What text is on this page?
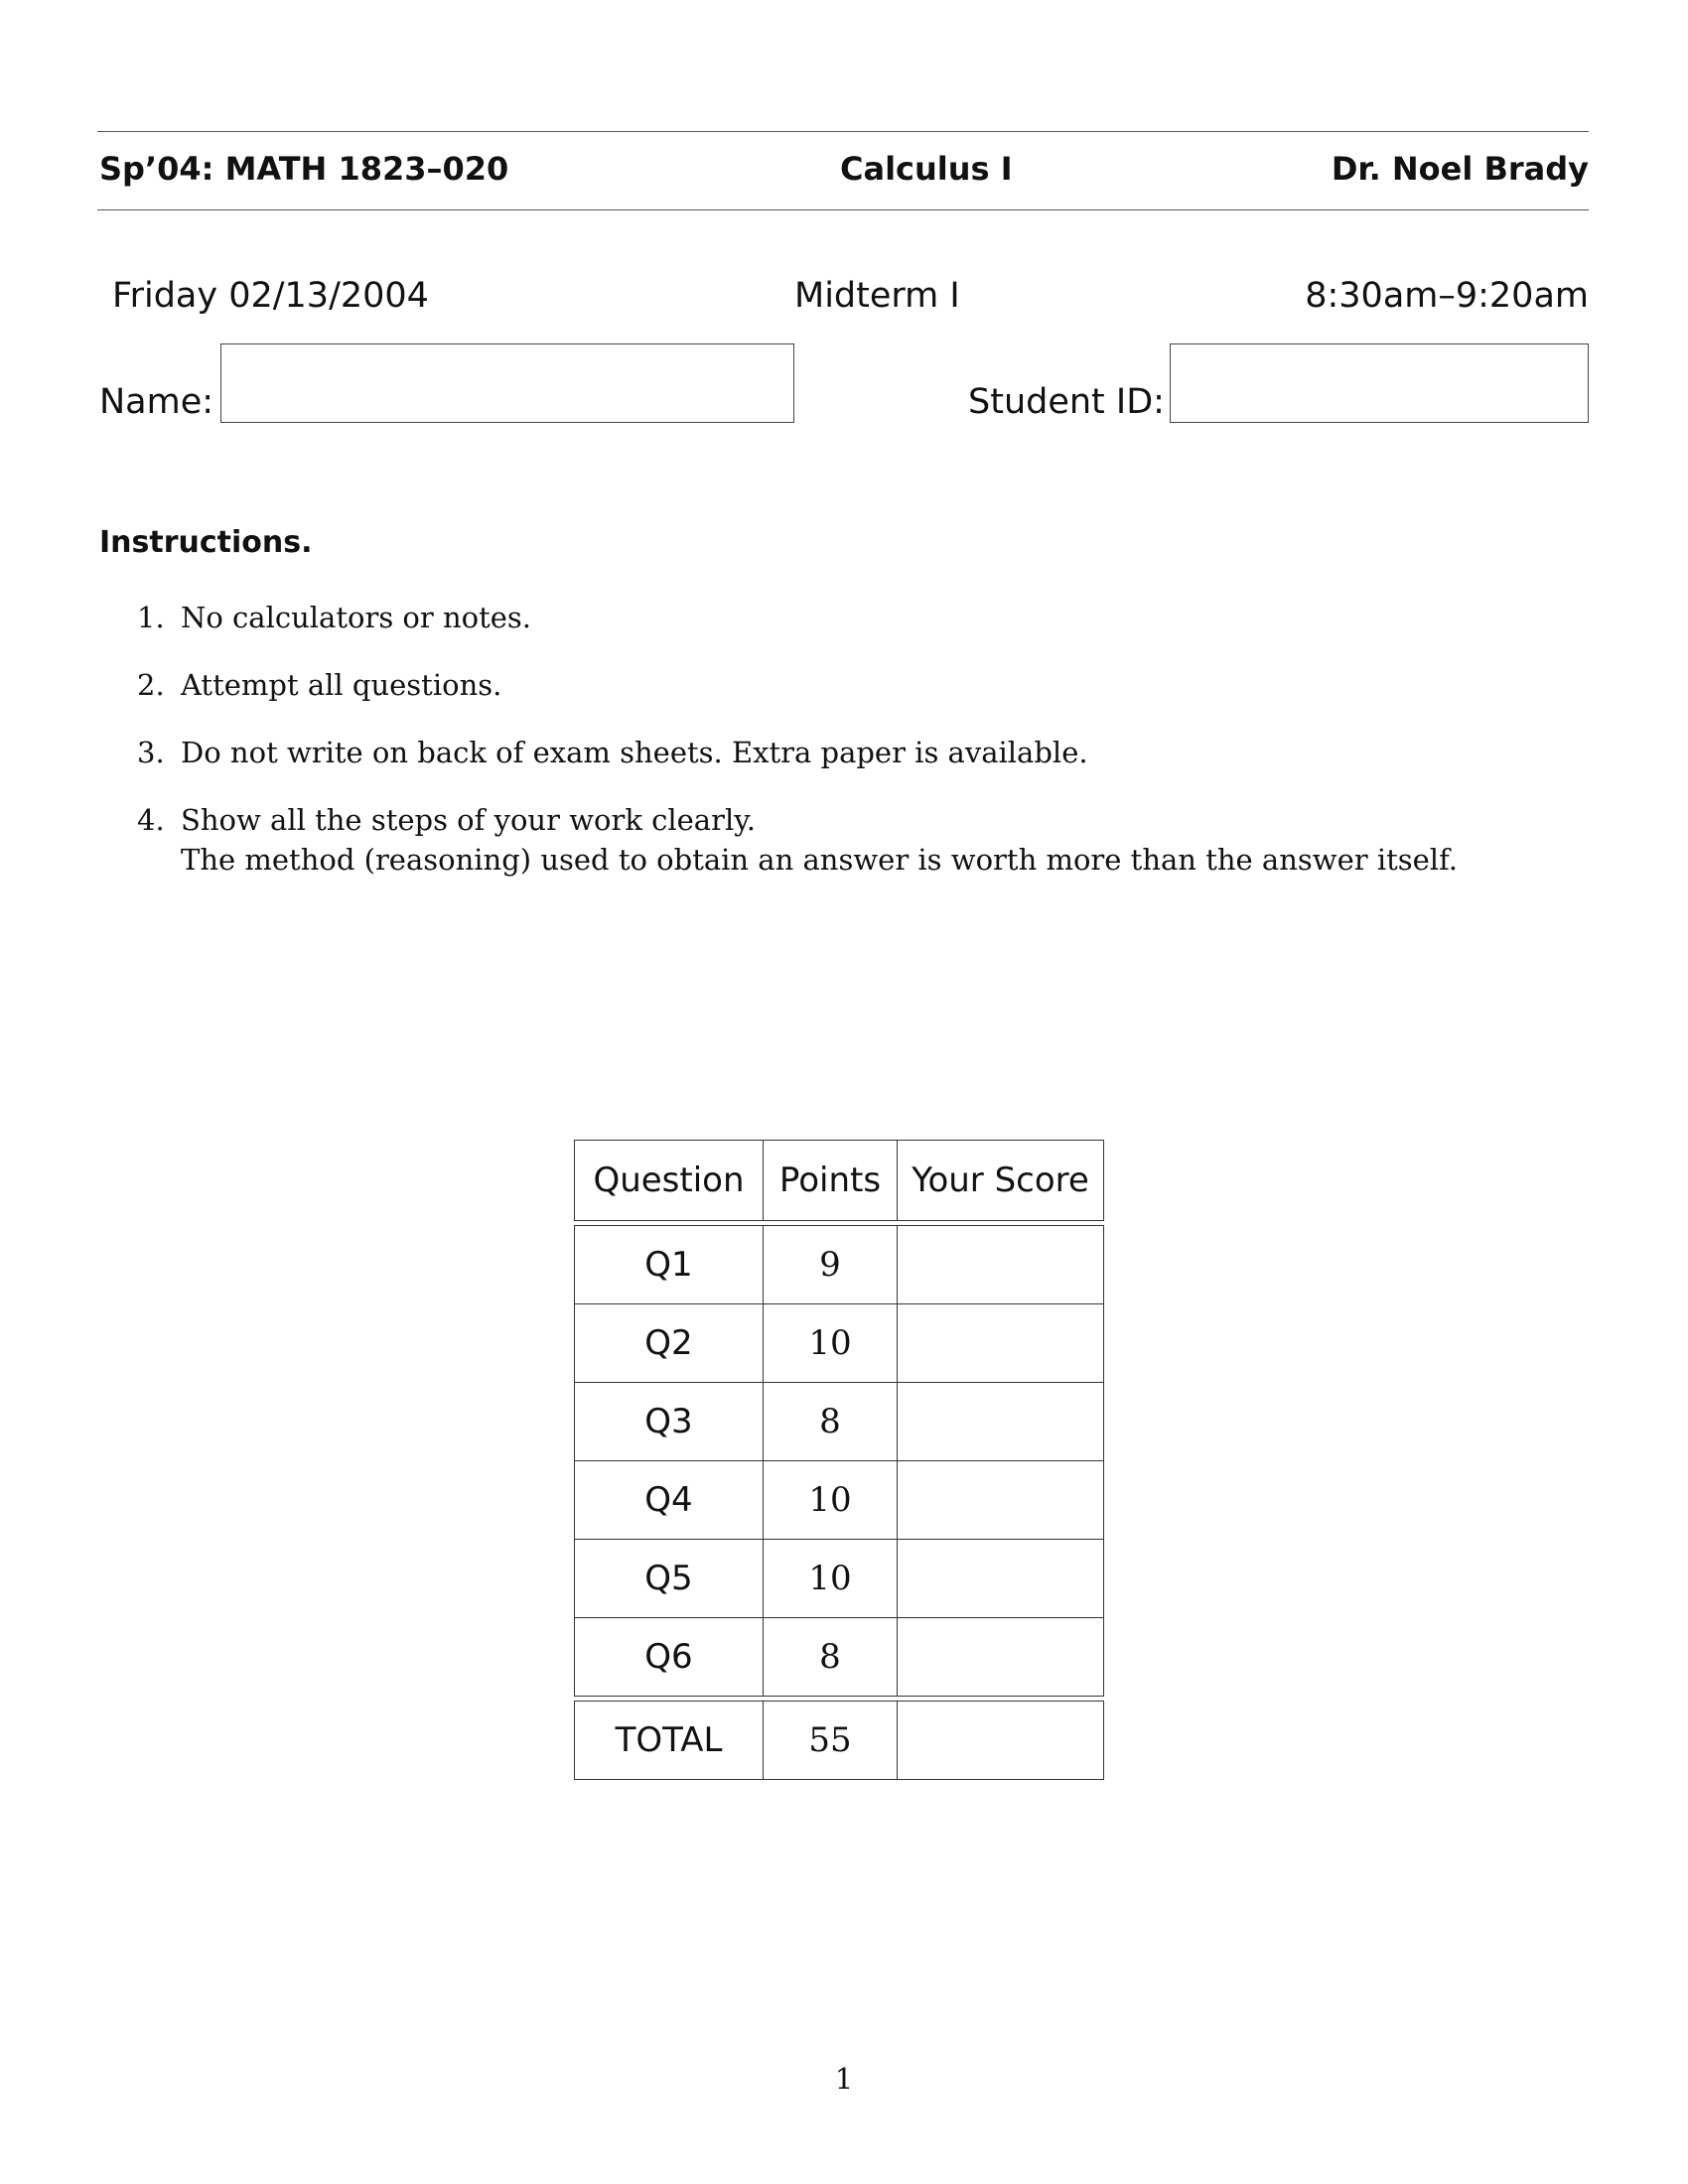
Sp’04: MATH 1823–020	Calculus I	Dr. Noel Brady
Friday 02/13/2004	Midterm I	8:30am–9:20am
Name:	Student ID:
Instructions.
1. No calculators or notes.
2. Attempt all questions.
3. Do not write on back of exam sheets. Extra paper is available.
4. Show all the steps of your work clearly.
The method (reasoning) used to obtain an answer is worth more than the answer itself.
Question	Points	Your Score

Q1	9	
Q2	10	
Q3	8	
Q4	10	
Q5	10	
Q6	8	

TOTAL	55	
1
